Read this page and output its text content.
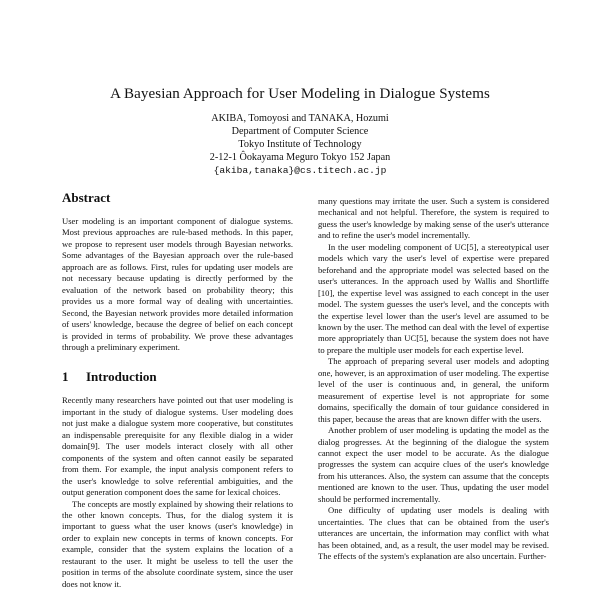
A Bayesian Approach for User Modeling in Dialogue Systems
AKIBA, Tomoyosi and TANAKA, Hozumi
Department of Computer Science
Tokyo Institute of Technology
2-12-1 Ôokayama Meguro Tokyo 152 Japan
{akiba,tanaka}@cs.titech.ac.jp
Abstract

User modeling is an important component of dialogue systems. Most previous approaches are rule-based methods. In this paper, we propose to represent user models through Bayesian networks. Some advantages of the Bayesian approach over the rule-based approach are as follows. First, rules for updating user models are not necessary because updating is directly performed by the evaluation of the network based on probability theory; this provides us a more formal way of dealing with uncertainties. Second, the Bayesian network provides more detailed information of users' knowledge, because the degree of belief on each concept is provided in terms of probability. We prove these advantages through a preliminary experiment.

1 Introduction

Recently many researchers have pointed out that user modeling is important in the study of dialogue systems. User modeling does not just make a dialogue system more cooperative, but constitutes an indispensable prerequisite for any flexible dialog in a wider domain[9]. The user models interact closely with all other components of the system and often cannot easily be separated from them. For example, the input analysis component refers to the user's knowledge to solve referential ambiguities, and the output generation component does the same for lexical choices.

The concepts are mostly explained by showing their relations to the other known concepts. Thus, for the dialog system it is important to guess what the user knows (user's knowledge) in order to explain new concepts in terms of known concepts. For example, consider that the system explains the location of a restaurant to the user. It might be useless to tell the user the position in terms of the absolute coordinate system, since the user does not know it.

many questions may irritate the user. Such a system is considered mechanical and not helpful. Therefore, the system is required to guess the user's knowledge by making sense of the user's utterance and to refine the user's model incrementally.

In the user modeling component of UC[5], a stereotypical user models which vary the user's level of expertise were prepared beforehand and the appropriate model was selected based on the user's utterances. In the approach used by Wallis and Shortliffe [10], the expertise level was assigned to each concept in the user model. The system guesses the user's level, and the concepts with the expertise level lower than the user's level are assumed to be known by the user. The method can deal with the level of expertise more appropriately than UC[5], because the system does not have to prepare the multiple user models for each expertise level.

The approach of preparing several user models and adopting one, however, is an approximation of user modeling. The expertise level of the user is continuous and, in general, the uniform measurement of expertise level is not appropriate for some domains, specifically the domain of tour guidance considered in this paper, because the areas that are known differ with the users.

Another problem of user modeling is updating the model as the dialog progresses. At the beginning of the dialogue the system cannot expect the user model to be accurate. As the dialogue progresses the system can acquire clues of the user's knowledge from his utterances. Also, the system can assume that the concepts mentioned are known to the user. Thus, updating the user model should be performed incrementally.

One difficulty of updating user models is dealing with uncertainties. The clues that can be obtained from the user's utterances are uncertain, the information may conflict with what has been obtained, and, as a result, the user model may be revised. The effects of the system's explanation are also uncertain. Further-
